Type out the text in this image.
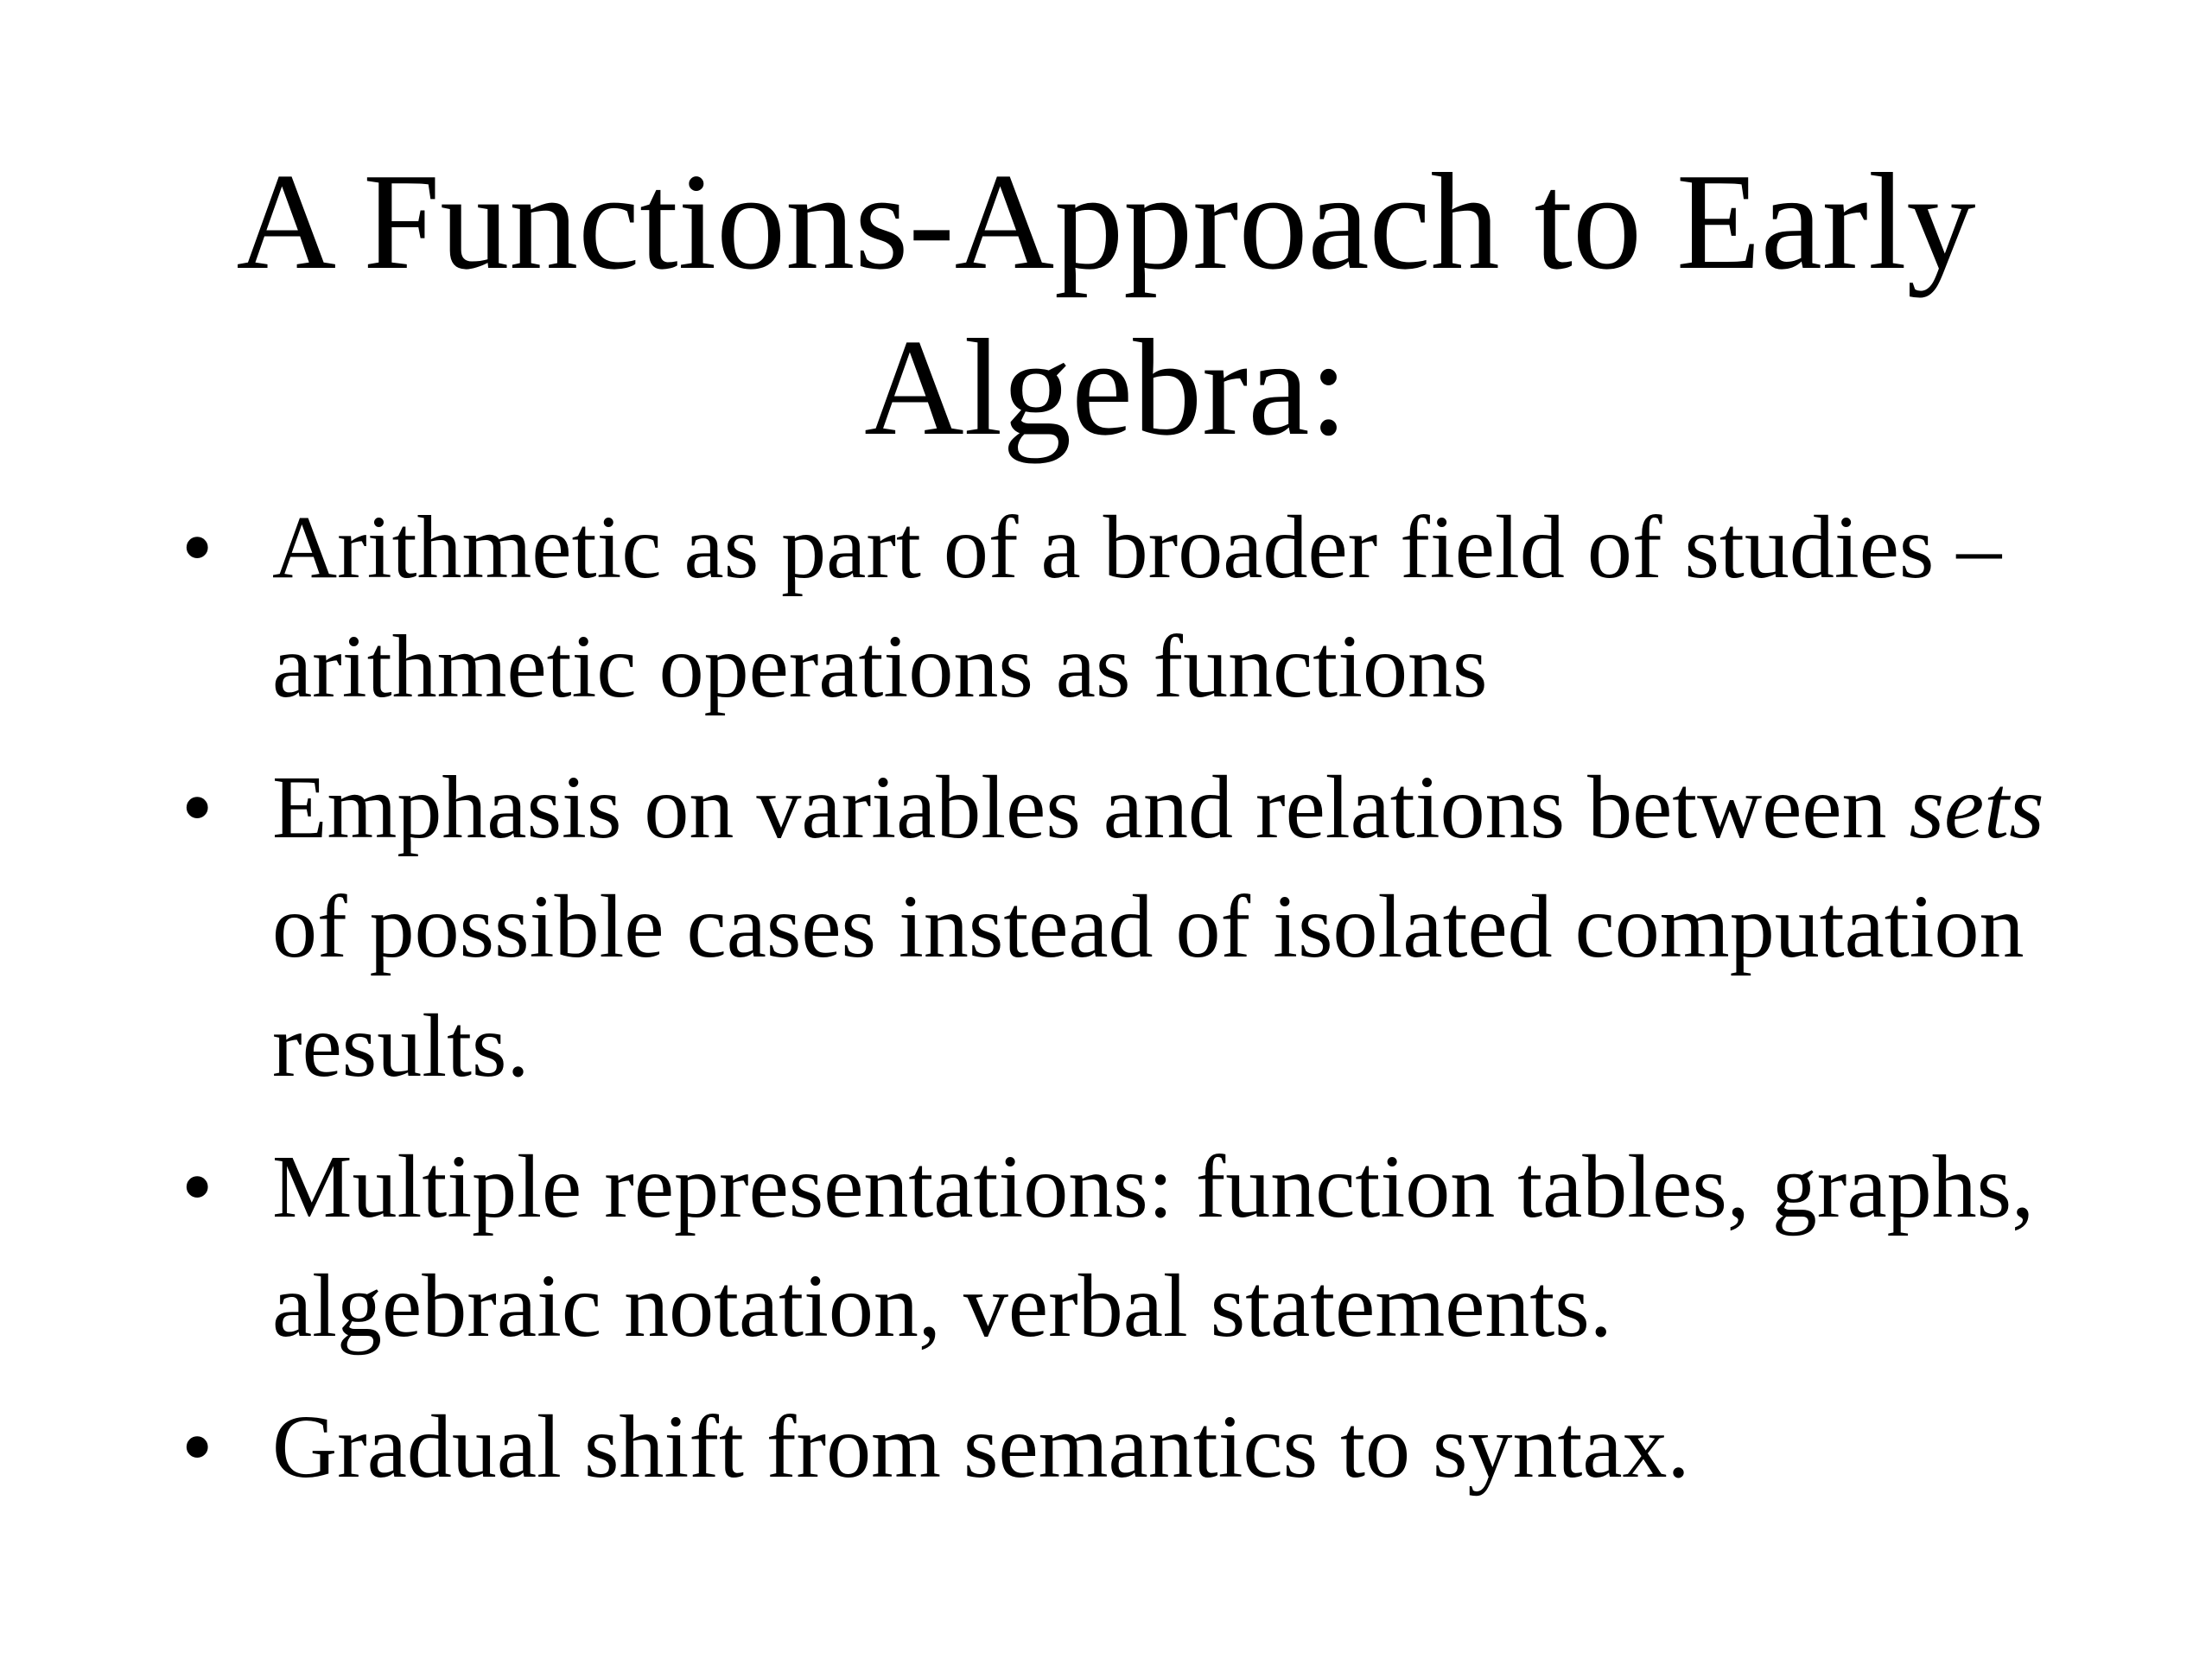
A Functions-Approach to Early Algebra:
• Arithmetic as part of a broader field of studies – arithmetic operations as functions
• Emphasis on variables and relations between sets of possible cases instead of isolated computation results.
• Multiple representations: function tables, graphs, algebraic notation, verbal statements.
• Gradual shift from semantics to syntax.
